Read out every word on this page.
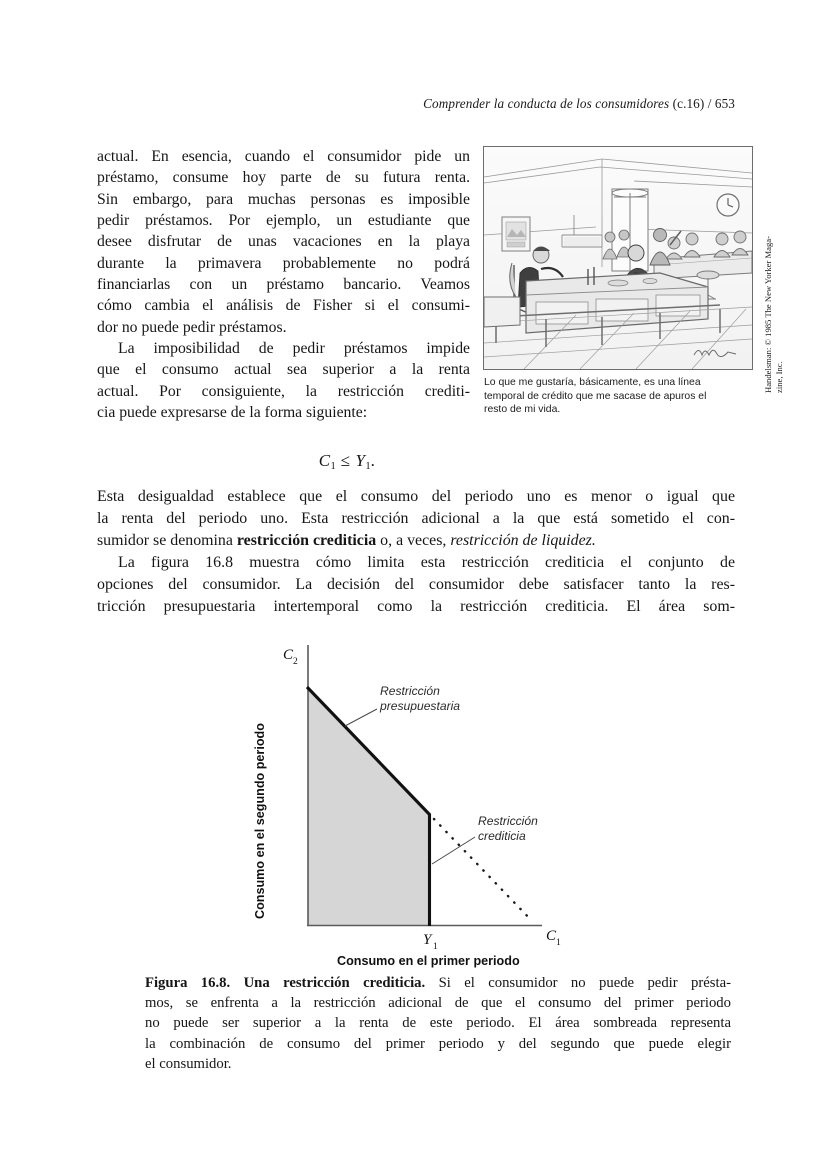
Comprender la conducta de los consumidores (c.16) / 653
actual. En esencia, cuando el consumidor pide un
préstamo, consume hoy parte de su futura renta.
Sin embargo, para muchas personas es imposible
pedir préstamos. Por ejemplo, un estudiante que
desee disfrutar de unas vacaciones en la playa
durante la primavera probablemente no podrá
financiarlas con un préstamo bancario. Veamos
cómo cambia el análisis de Fisher si el consumi-
dor no puede pedir préstamos.
La imposibilidad de pedir préstamos impide
que el consumo actual sea superior a la renta
actual. Por consiguiente, la restricción crediti-
cia puede expresarse de la forma siguiente:
$C_1 \le Y_1$.
Lo que me gustaría, básicamente, es una línea
temporal de crédito que me sacase de apuros el
resto de mi vida.
Handelsman: © 1985 The New Yorker Maga- zine, Inc.
Esta desigualdad establece que el consumo del periodo uno es menor o igual que
la renta del periodo uno. Esta restricción adicional a la que está sometido el con-
sumidor se denomina restricción crediticia o, a veces, restricción de liquidez.
La figura 16.8 muestra cómo limita esta restricción crediticia el conjunto de
opciones del consumidor. La decisión del consumidor debe satisfacer tanto la res-
tricción presupuestaria intertemporal como la restricción crediticia. El área som-
Restricción
presupuestaria
Restricción
crediticia
C 2
C 1
Y 1
Consumo en el segundo periodo
Consumo en el primer periodo
Figura 16.8. Una restricción crediticia. Si el consumidor no puede pedir présta-
mos, se enfrenta a la restricción adicional de que el consumo del primer periodo
no puede ser superior a la renta de este periodo. El área sombreada representa
la combinación de consumo del primer periodo y del segundo que puede elegir
el consumidor.
